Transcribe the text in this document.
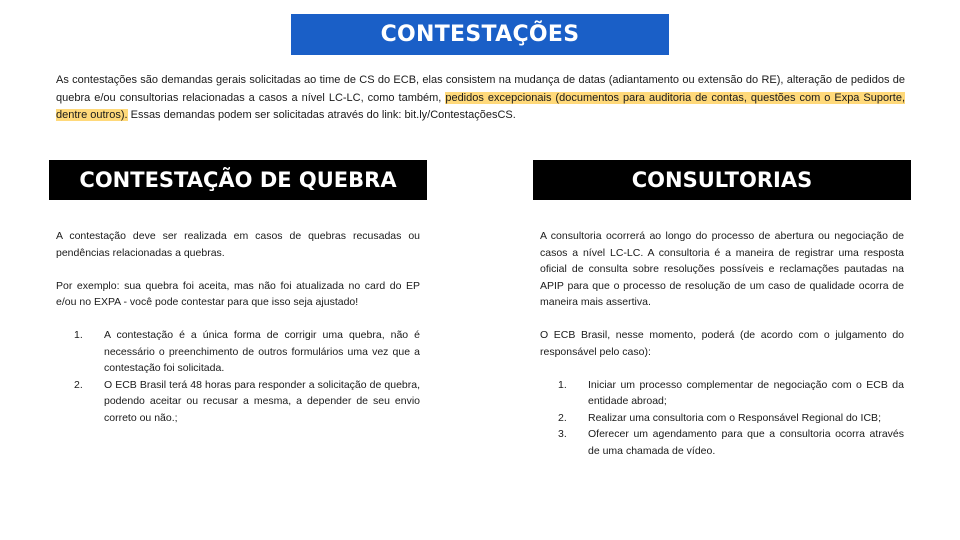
CONTESTAÇÕES
As contestações são demandas gerais solicitadas ao time de CS do ECB, elas consistem na mudança de datas (adiantamento ou extensão do RE), alteração de pedidos de quebra e/ou consultorias relacionadas a casos a nível LC-LC, como também, pedidos excepcionais (documentos para auditoria de contas, questões com o Expa Suporte, dentre outros). Essas demandas podem ser solicitadas através do link: bit.ly/ContestaçõesCS.
CONTESTAÇÃO DE QUEBRA	CONSULTORIAS

A contestação deve ser realizada em casos de quebras recusadas ou pendências relacionadas a quebras.

Por exemplo: sua quebra foi aceita, mas não foi atualizada no card do EP e/ou no EXPA - você pode contestar para que isso seja ajustado!

1. A contestação é a única forma de corrigir uma quebra, não é necessário o preenchimento de outros formulários uma vez que a contestação foi solicitada.
2. O ECB Brasil terá 48 horas para responder a solicitação de quebra, podendo aceitar ou recusar a mesma, a depender de seu envio correto ou não.;

A consultoria ocorrerá ao longo do processo de abertura ou negociação de casos a nível LC-LC. A consultoria é a maneira de registrar uma resposta oficial de consulta sobre resoluções possíveis e reclamações pautadas na APIP para que o processo de resolução de um caso de qualidade ocorra de maneira mais assertiva.

O ECB Brasil, nesse momento, poderá (de acordo com o julgamento do responsável pelo caso):

1. Iniciar um processo complementar de negociação com o ECB da entidade abroad;
2. Realizar uma consultoria com o Responsável Regional do ICB;
3. Oferecer um agendamento para que a consultoria ocorra através de uma chamada de vídeo.
